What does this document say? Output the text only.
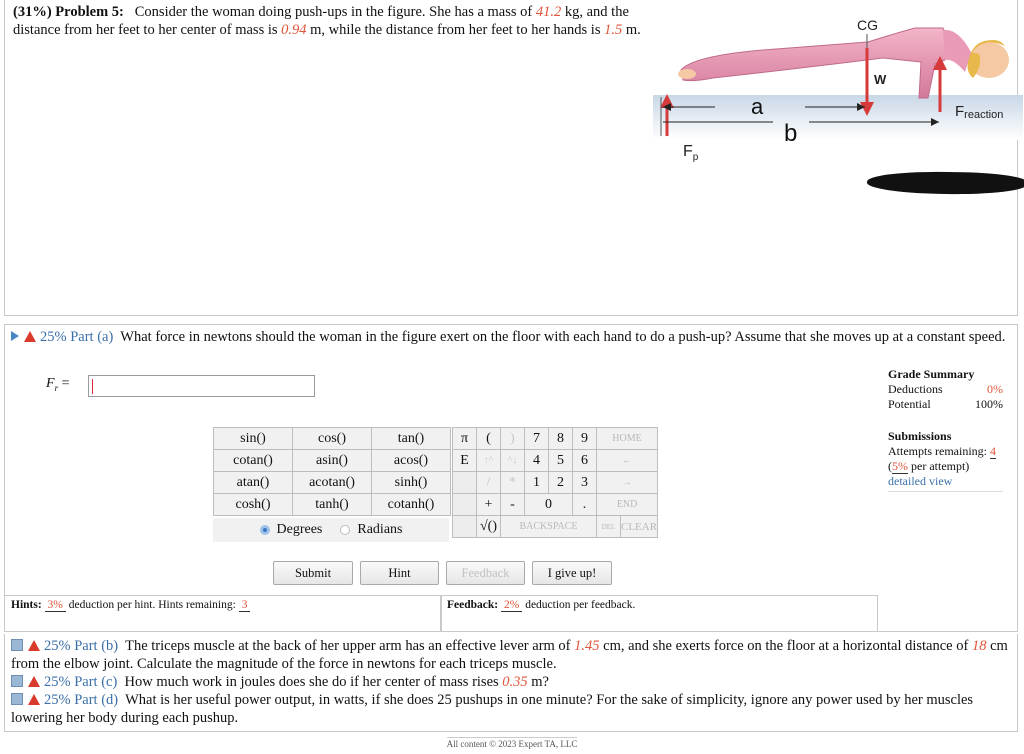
(31%) Problem 5: Consider the woman doing push-ups in the figure. She has a mass of 41.2 kg, and the distance from her feet to her center of mass is 0.94 m, while the distance from her feet to her hands is 1.5 m.	CG
W
Freaction
$F_p$
a
b
25% Part (a) What force in newtons should the woman in the figure exert on the floor with each hand to do a push-up? Assume that she moves up at a constant speed.
$F_r$ =
sin()	cos()	tan()
cotan()	asin()	acos()
atan()	acotan()	sinh()
cosh()	tanh()	cotanh()
Degrees	Radians
π	(	)	7	8	9	HOME	
E	↑^	^↓	4	5	6	←	
	/	*	1	2	3	→	
	+	-	0		.	END	
	√()	BACKSPACE				DEL	CLEAR
Submit	Hint	Feedback	I give up!
Hints: 3% deduction per hint. Hints remaining: 3	Feedback: 2% deduction per feedback.
Grade Summary
Deductions	0%
Potential	100%
Submissions
Attempts remaining: 4
(5% per attempt)
detailed view
25% Part (b) The triceps muscle at the back of her upper arm has an effective lever arm of 1.45 cm, and she exerts force on the floor at a horizontal distance of 18 cm from the elbow joint. Calculate the magnitude of the force in newtons for each triceps muscle.
25% Part (c) How much work in joules does she do if her center of mass rises 0.35 m?
25% Part (d) What is her useful power output, in watts, if she does 25 pushups in one minute? For the sake of simplicity, ignore any power used by her muscles lowering her body during each pushup.
All content © 2023 Expert TA, LLC
